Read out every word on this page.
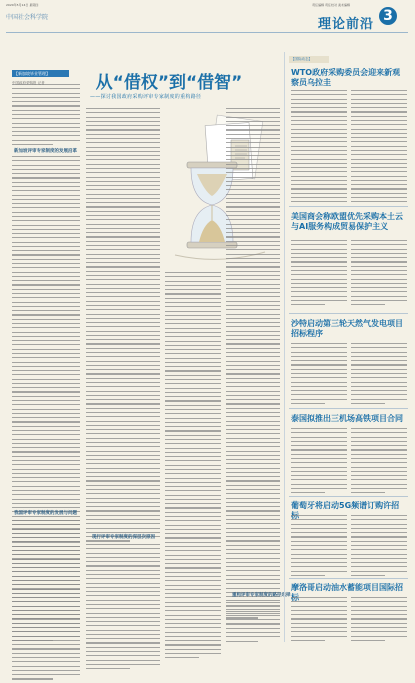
2020年5月14日 星期四
中国社会科学院
责任编辑 责任校对 美术编辑
理论前沿
3
【新加坡毕业管理】	从“借权”到“借智”
——探讨我国政府采购评审专家制度的重构路径
中国政府采购报 记者
新加坡评审专家制度的发展沿革
我国评审专家制度的发展与问题
现行评审专家制度的深层次原因
重构评审专家制度的路径选择
【国际动态】
WTO政府采购委员会迎来新观察员乌拉圭
美国商会称欧盟优先采购本土云与AI服务构成贸易保护主义
沙特启动第三轮天然气发电项目招标程序
泰国拟推出三机场高铁项目合同
葡萄牙将启动5G频谱订购许招标
摩洛哥启动油水蓄能项目国际招标
